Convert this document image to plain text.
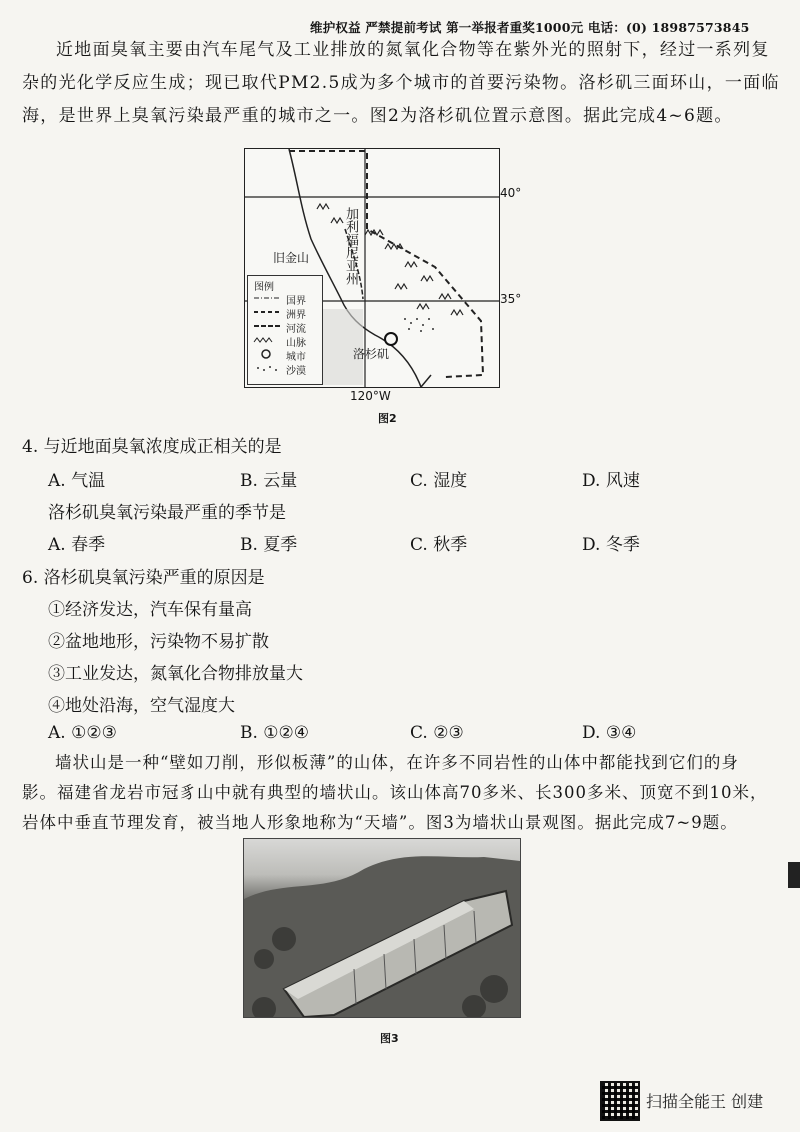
维护权益 严禁提前考试 第一举报者重奖1000元 电话：(0) 18987573845

近地面臭氧主要由汽车尾气及工业排放的氮氧化合物等在紫外光的照射下，经过一系列复

杂的光化学反应生成；现已取代PM2.5成为多个城市的首要污染物。洛杉矶三面环山，一面临

海，是世界上臭氧污染最严重的城市之一。图2为洛杉矶位置示意图。据此完成4~6题。

旧金山
洛杉矶
加利福尼亚州
图例
国界
洲界
河流
山脉
城市
沙漠
40°
35°
120°W
图2
4. 与近地面臭氧浓度成正相关的是
A. 气温	B. 云量	C. 湿度	D. 风速
洛杉矶臭氧污染最严重的季节是
A. 春季	B. 夏季	C. 秋季	D. 冬季
6. 洛杉矶臭氧污染严重的原因是
①经济发达，汽车保有量高
②盆地地形，污染物不易扩散
③工业发达，氮氧化合物排放量大
④地处沿海，空气湿度大
A. ①②③	B. ①②④	C. ②③	D. ③④

墙状山是一种“壁如刀削，形似板薄”的山体，在许多不同岩性的山体中都能找到它们的身

影。福建省龙岩市冠豸山中就有典型的墙状山。该山体高70多米、长300多米、顶宽不到10米，

岩体中垂直节理发育，被当地人形象地称为“天墙”。图3为墙状山景观图。据此完成7~9题。

图3
扫描全能王 创建
